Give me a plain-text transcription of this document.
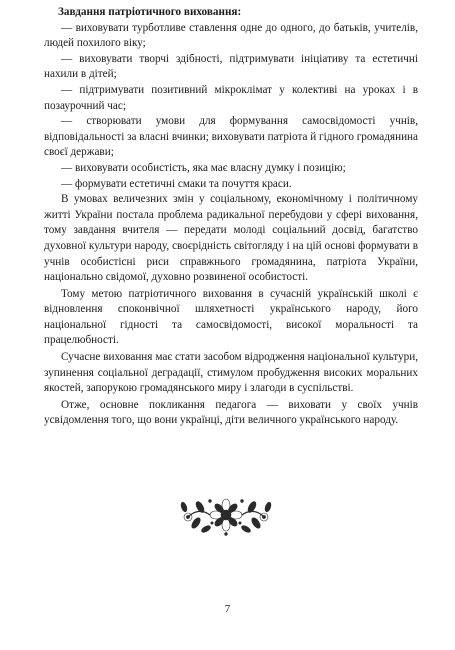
Завдання патріотичного виховання:

— виховувати турботливе ставлення одне до одного, до батьків, учителів, людей похилого віку;

— виховувати творчі здібності, підтримувати ініціативу та естетичні нахили в дітей;

— підтримувати позитивний мікроклімат у колективі на уроках і в позаурочний час;

— створювати умови для формування самосвідомості учнів, відповідальності за власні вчинки; виховувати патріота й гідного громадянина своєї держави;

— виховувати особистість, яка має власну думку і позицію;

— формувати естетичні смаки та почуття краси.

В умовах величезних змін у соціальному, економічному і політичному житті України постала проблема радикальної перебудови у сфері виховання, тому завдання вчителя — передати молоді соціальний досвід, багатство духовної культури народу, своєрідність світогляду і на цій основі формувати в учнів особистісні риси справжнього громадянина, патріота України, національно свідомої, духовно розвиненої особистості.

Тому метою патріотичного виховання в сучасній українській школі є відновлення споконвічної шляхетності українського народу, його національної гідності та самосвідомості, високої моральності та працелюбності.

Сучасне виховання має стати засобом відродження національної культури, зупинення соціальної деградації, стимулом пробудження високих моральних якостей, запорукою громадянського миру і злагоди в суспільстві.

Отже, основне покликання педагога — виховати у своїх учнів усвідомлення того, що вони українці, діти величного українського народу.

7
